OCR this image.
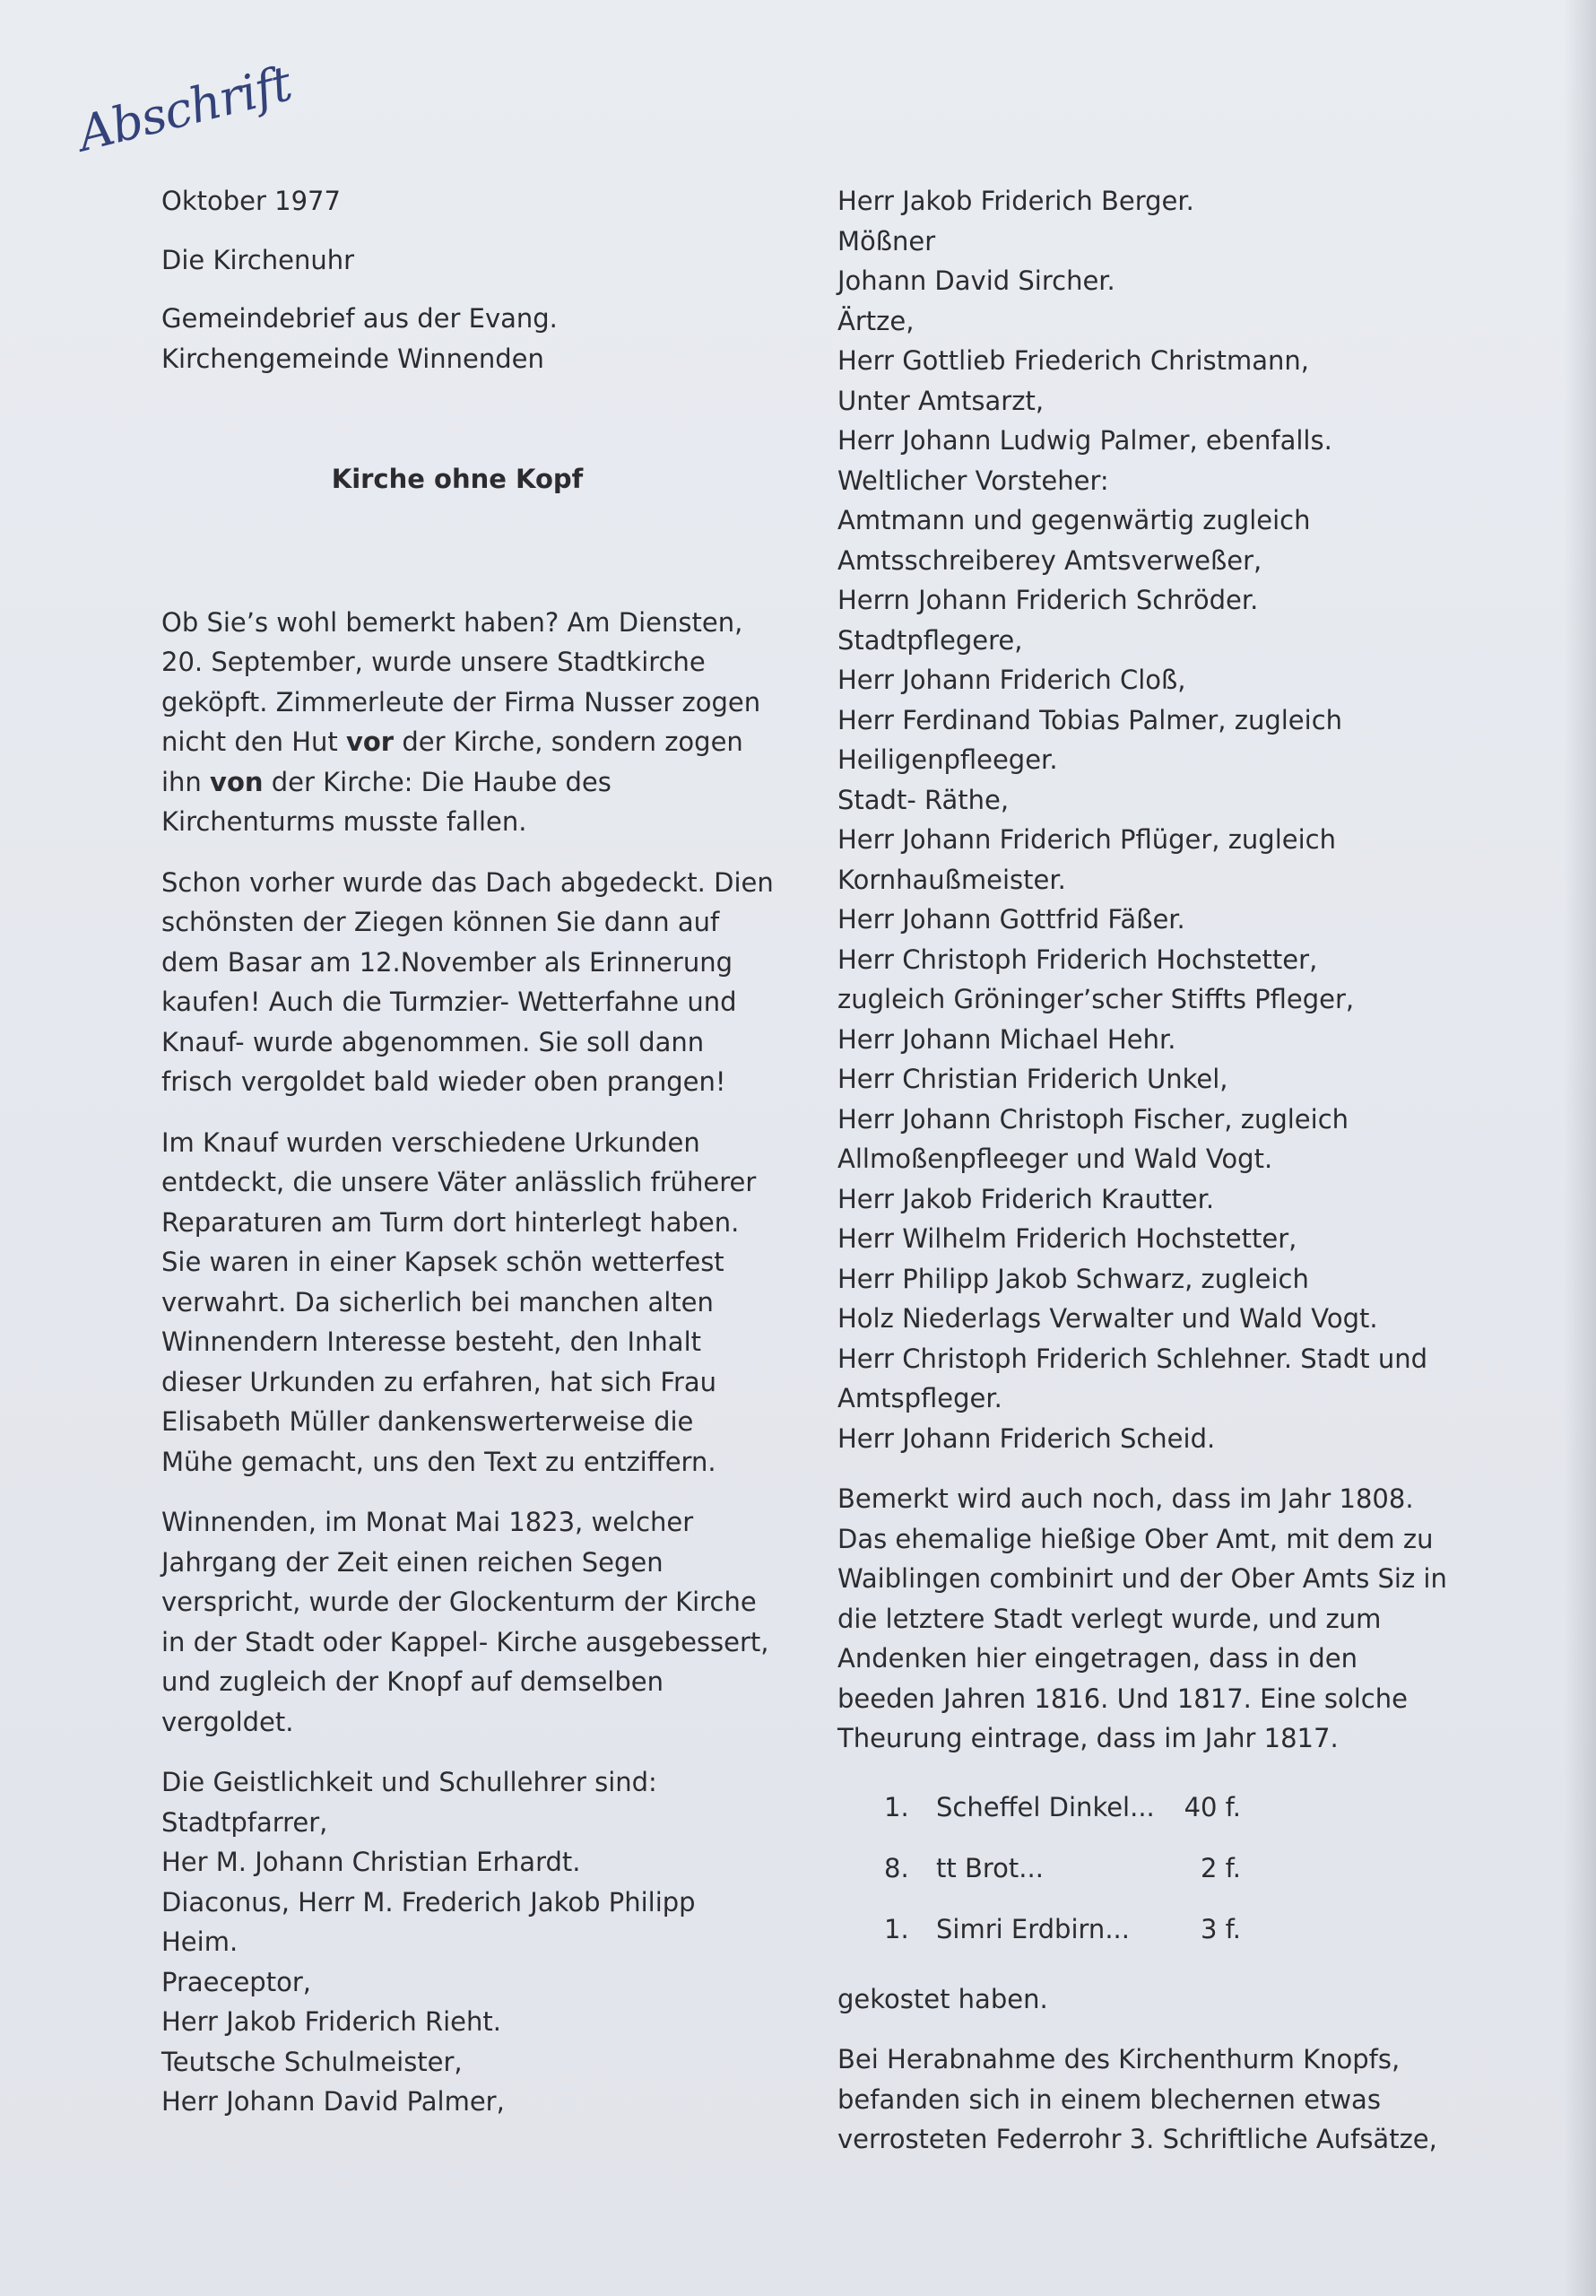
Abschrift

Oktober 1977

Die Kirchenuhr

Gemeindebrief aus der Evang.

Kirchengemeinde Winnenden

Kirche ohne Kopf

Ob Sie’s wohl bemerkt haben? Am Diensten,

20. September, wurde unsere Stadtkirche

geköpft. Zimmerleute der Firma Nusser zogen

nicht den Hut vor der Kirche, sondern zogen

ihn von der Kirche: Die Haube des

Kirchenturms musste fallen.

Schon vorher wurde das Dach abgedeckt. Dien

schönsten der Ziegen können Sie dann auf

dem Basar am 12.November als Erinnerung

kaufen! Auch die Turmzier- Wetterfahne und

Knauf- wurde abgenommen. Sie soll dann

frisch vergoldet bald wieder oben prangen!

Im Knauf wurden verschiedene Urkunden

entdeckt, die unsere Väter anlässlich früherer

Reparaturen am Turm dort hinterlegt haben.

Sie waren in einer Kapsek schön wetterfest

verwahrt. Da sicherlich bei manchen alten

Winnendern Interesse besteht, den Inhalt

dieser Urkunden zu erfahren, hat sich Frau

Elisabeth Müller dankenswerterweise die

Mühe gemacht, uns den Text zu entziffern.

Winnenden, im Monat Mai 1823, welcher

Jahrgang der Zeit einen reichen Segen

verspricht, wurde der Glockenturm der Kirche

in der Stadt oder Kappel- Kirche ausgebessert,

und zugleich der Knopf auf demselben

vergoldet.

Die Geistlichkeit und Schullehrer sind:

Stadtpfarrer,

Her M. Johann Christian Erhardt.

Diaconus, Herr M. Frederich Jakob Philipp

Heim.

Praeceptor,

Herr Jakob Friderich Rieht.

Teutsche Schulmeister,

Herr Johann David Palmer,

Herr Jakob Friderich Berger.

Mößner

Johann David Sircher.

Ärtze,

Herr Gottlieb Friederich Christmann,

Unter Amtsarzt,

Herr Johann Ludwig Palmer, ebenfalls.

Weltlicher Vorsteher:

Amtmann und gegenwärtig zugleich

Amtsschreiberey Amtsverweßer,

Herrn Johann Friderich Schröder.

Stadtpflegere,

Herr Johann Friderich Cloß,

Herr Ferdinand Tobias Palmer, zugleich

Heiligenpfleeger.

Stadt- Räthe,

Herr Johann Friderich Pflüger, zugleich

Kornhaußmeister.

Herr Johann Gottfrid Fäßer.

Herr Christoph Friderich Hochstetter,

zugleich Gröninger’scher Stiffts Pfleger,

Herr Johann Michael Hehr.

Herr Christian Friderich Unkel,

Herr Johann Christoph Fischer, zugleich

Allmoßenpfleeger und Wald Vogt.

Herr Jakob Friderich Krautter.

Herr Wilhelm Friderich Hochstetter,

Herr Philipp Jakob Schwarz, zugleich

Holz Niederlags Verwalter und Wald Vogt.

Herr Christoph Friderich Schlehner. Stadt und

Amtspfleger.

Herr Johann Friderich Scheid.

Bemerkt wird auch noch, dass im Jahr 1808.

Das ehemalige hießige Ober Amt, mit dem zu

Waiblingen combinirt und der Ober Amts Siz in

die letztere Stadt verlegt wurde, und zum

Andenken hier eingetragen, dass in den

beeden Jahren 1816. Und 1817. Eine solche

Theurung eintrage, dass im Jahr 1817.

1.	Scheffel Dinkel...	40 f.
8.	tt Brot...	2 f.
1.	Simri Erdbirn...	3 f.

gekostet haben.

Bei Herabnahme des Kirchenthurm Knopfs,

befanden sich in einem blechernen etwas

verrosteten Federrohr 3. Schriftliche Aufsätze,
